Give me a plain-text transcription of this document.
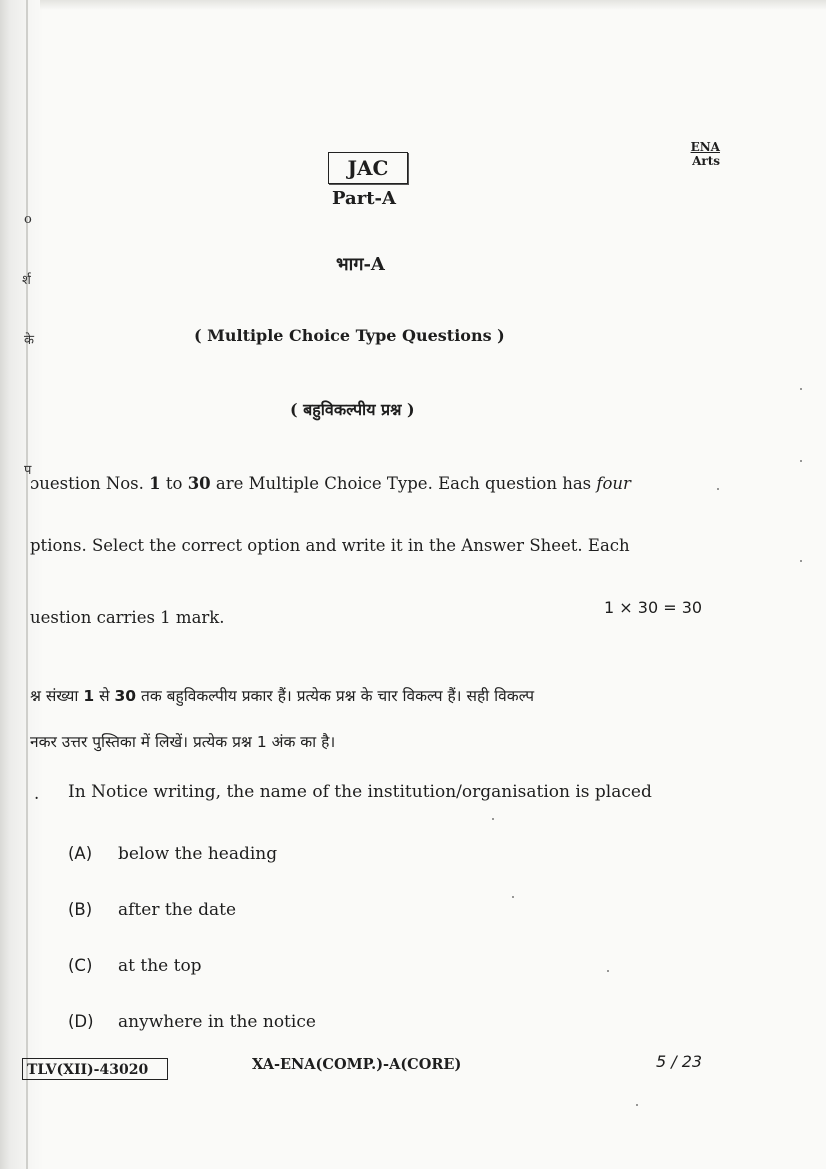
o
र्श
के
प
JAC
Part-A
भाग-A
( Multiple Choice Type Questions )
( बहुविकल्पीय प्रश्न )
ENA
Arts
ɔuestion Nos. 1 to 30 are Multiple Choice Type. Each question has four
ptions. Select the correct option and write it in the Answer Sheet. Each
uestion carries 1 mark.
1 × 30 = 30
श्न संख्या 1 से 30 तक बहुविकल्पीय प्रकार हैं। प्रत्येक प्रश्न के चार विकल्प हैं। सही विकल्प
नकर उत्तर पुस्तिका में लिखें। प्रत्येक प्रश्न 1 अंक का है।
. In Notice writing, the name of the institution/organisation is placed
(A) below the heading
(B) after the date
(C) at the top
(D) anywhere in the notice
TLV(XII)-43020	XA-ENA(COMP.)-A(CORE)	5 / 23
